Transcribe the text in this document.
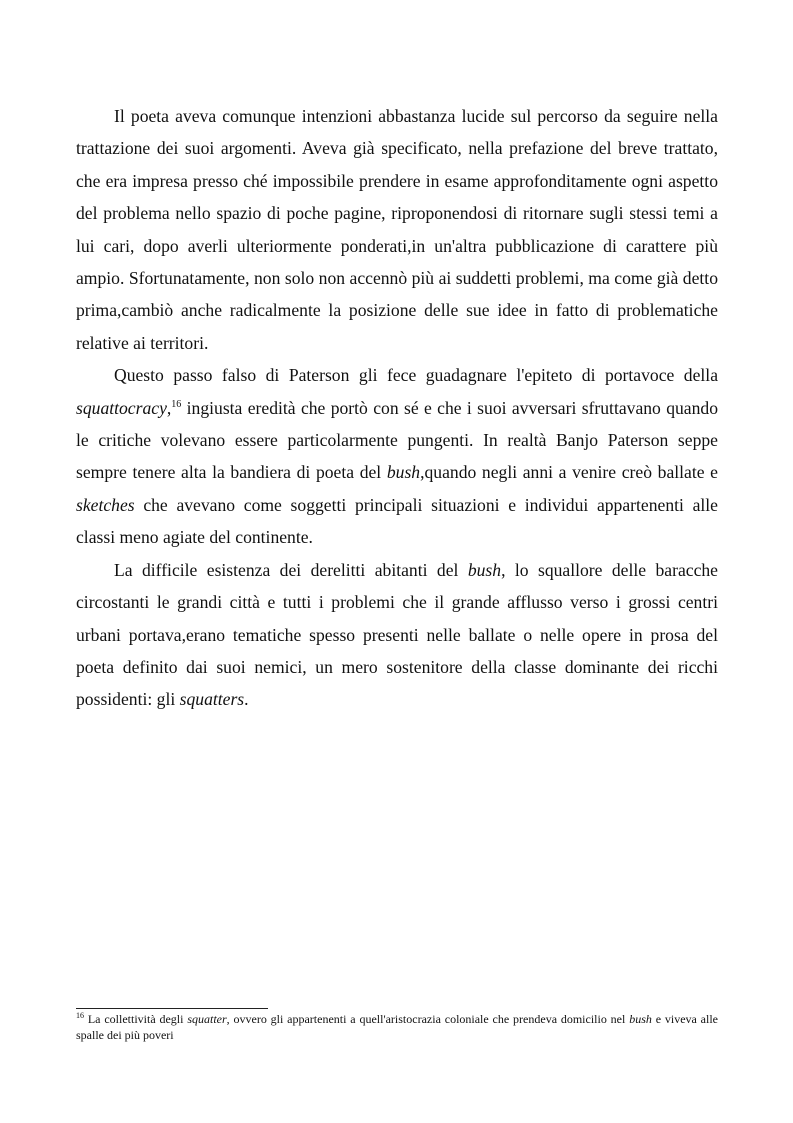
Il poeta aveva comunque intenzioni abbastanza lucide sul percorso da seguire nella trattazione dei suoi argomenti. Aveva già specificato, nella prefazione del breve trattato, che era impresa presso ché impossibile prendere in esame approfonditamente ogni aspetto del problema nello spazio di poche pagine, riproponendosi di ritornare sugli stessi temi a lui cari, dopo averli ulteriormente ponderati,in un'altra pubblicazione di carattere più ampio. Sfortunatamente, non solo non accennò più ai suddetti problemi, ma come già detto prima,cambiò anche radicalmente la posizione delle sue idee in fatto di problematiche relative ai territori.

Questo passo falso di Paterson gli fece guadagnare l'epiteto di portavoce della squattocracy,$^{16}$ ingiusta eredità che portò con sé e che i suoi avversari sfruttavano quando le critiche volevano essere particolarmente pungenti. In realtà Banjo Paterson seppe sempre tenere alta la bandiera di poeta del bush,quando negli anni a venire creò ballate e sketches che avevano come soggetti principali situazioni e individui appartenenti alle classi meno agiate del continente.

La difficile esistenza dei derelitti abitanti del bush, lo squallore delle baracche circostanti le grandi città e tutti i problemi che il grande afflusso verso i grossi centri urbani portava,erano tematiche spesso presenti nelle ballate o nelle opere in prosa del poeta definito dai suoi nemici, un mero sostenitore della classe dominante dei ricchi possidenti: gli squatters.

$^{16}$ La collettività degli squatter, ovvero gli appartenenti a quell'aristocrazia coloniale che prendeva domicilio nel bush e viveva alle spalle dei più poveri
